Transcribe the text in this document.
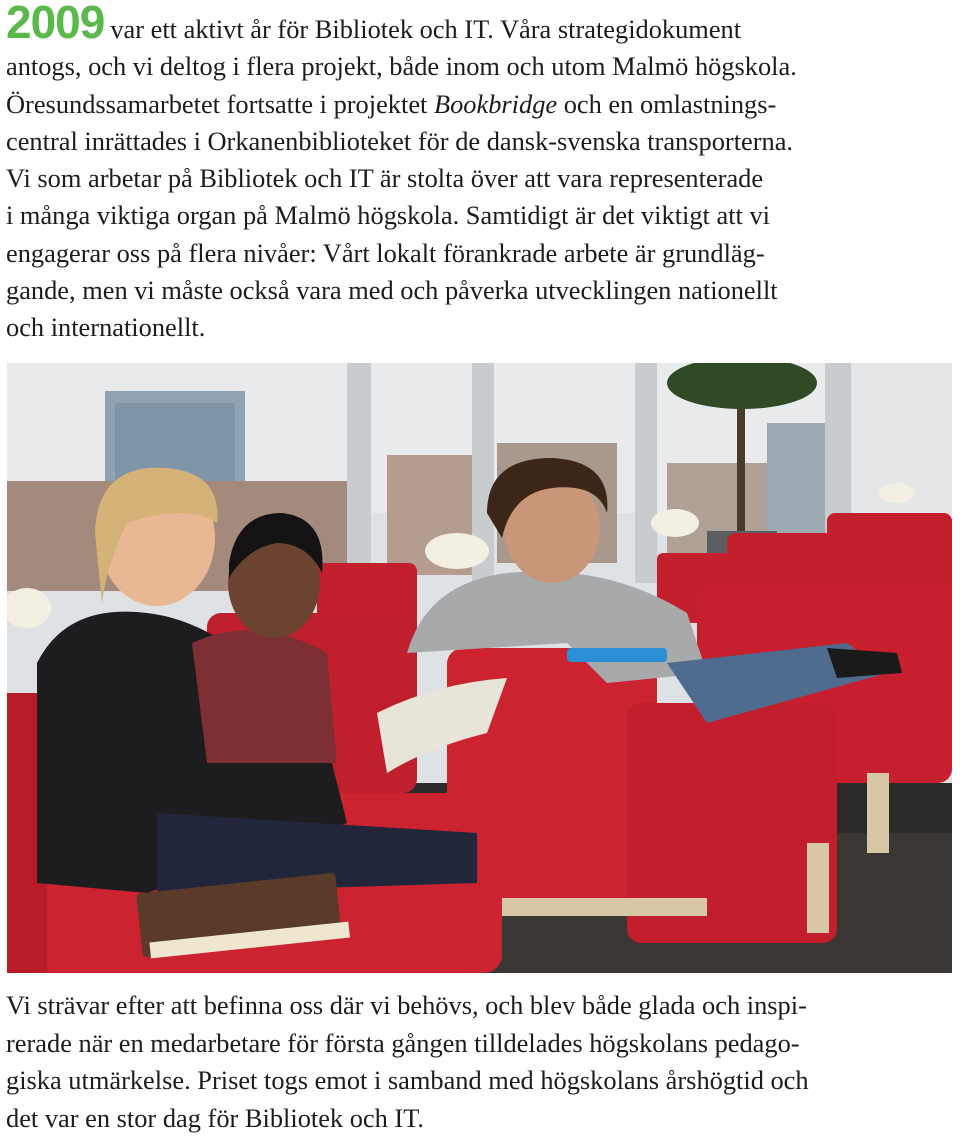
2009 var ett aktivt år för Bibliotek och IT. Våra strategidokument
antogs, och vi deltog i flera projekt, både inom och utom Malmö högskola.
Öresundssamarbetet fortsatte i projektet Bookbridge och en omlastnings-
central inrättades i Orkanenbiblioteket för de dansk-svenska transporterna.
Vi som arbetar på Bibliotek och IT är stolta över att vara representerade
i många viktiga organ på Malmö högskola. Samtidigt är det viktigt att vi
engagerar oss på flera nivåer: Vårt lokalt förankrade arbete är grundläg-
gande, men vi måste också vara med och påverka utvecklingen nationellt
och internationellt.

Vi strävar efter att befinna oss där vi behövs, och blev både glada och inspi-
rerade när en medarbetare för första gången tilldelades högskolans pedago-
giska utmärkelse. Priset togs emot i samband med högskolans årshögtid och
det var en stor dag för Bibliotek och IT.
